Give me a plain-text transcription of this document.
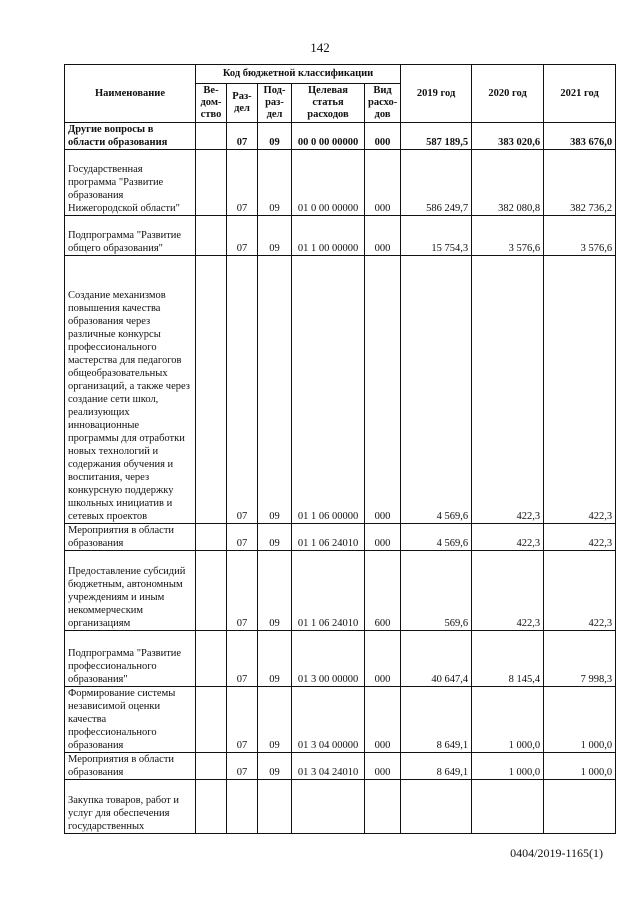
142
Наименование	Код бюджетной классификации					2019 год	2020 год	2021 год
	Ве-дом-ство	Раз-дел	Под-раз-дел	Целевая статья расходов	Вид расхо-дов			
Другие вопросы в области образования		07	09	00 0 00 00000	000	587 189,5	383 020,6	383 676,0
Государственная программа "Развитие образования Нижегородской области"		07	09	01 0 00 00000	000	586 249,7	382 080,8	382 736,2
Подпрограмма "Развитие общего образования"		07	09	01 1 00 00000	000	15 754,3	3 576,6	3 576,6
Создание механизмов повышения качества образования через различные конкурсы профессионального мастерства для педагогов общеобразовательных организаций, а также через создание сети школ, реализующих инновационные программы для отработки новых технологий и содержания обучения и воспитания, через конкурсную поддержку школьных инициатив и сетевых проектов		07	09	01 1 06 00000	000	4 569,6	422,3	422,3
Мероприятия в области образования		07	09	01 1 06 24010	000	4 569,6	422,3	422,3
Предоставление субсидий бюджетным, автономным учреждениям и иным некоммерческим организациям		07	09	01 1 06 24010	600	569,6	422,3	422,3
Подпрограмма "Развитие профессионального образования"		07	09	01 3 00 00000	000	40 647,4	8 145,4	7 998,3
Формирование системы независимой оценки качества профессионального образования		07	09	01 3 04 00000	000	8 649,1	1 000,0	1 000,0
Мероприятия в области образования		07	09	01 3 04 24010	000	8 649,1	1 000,0	1 000,0
Закупка товаров, работ и услуг для обеспечения государственных								
0404/2019-1165(1)
